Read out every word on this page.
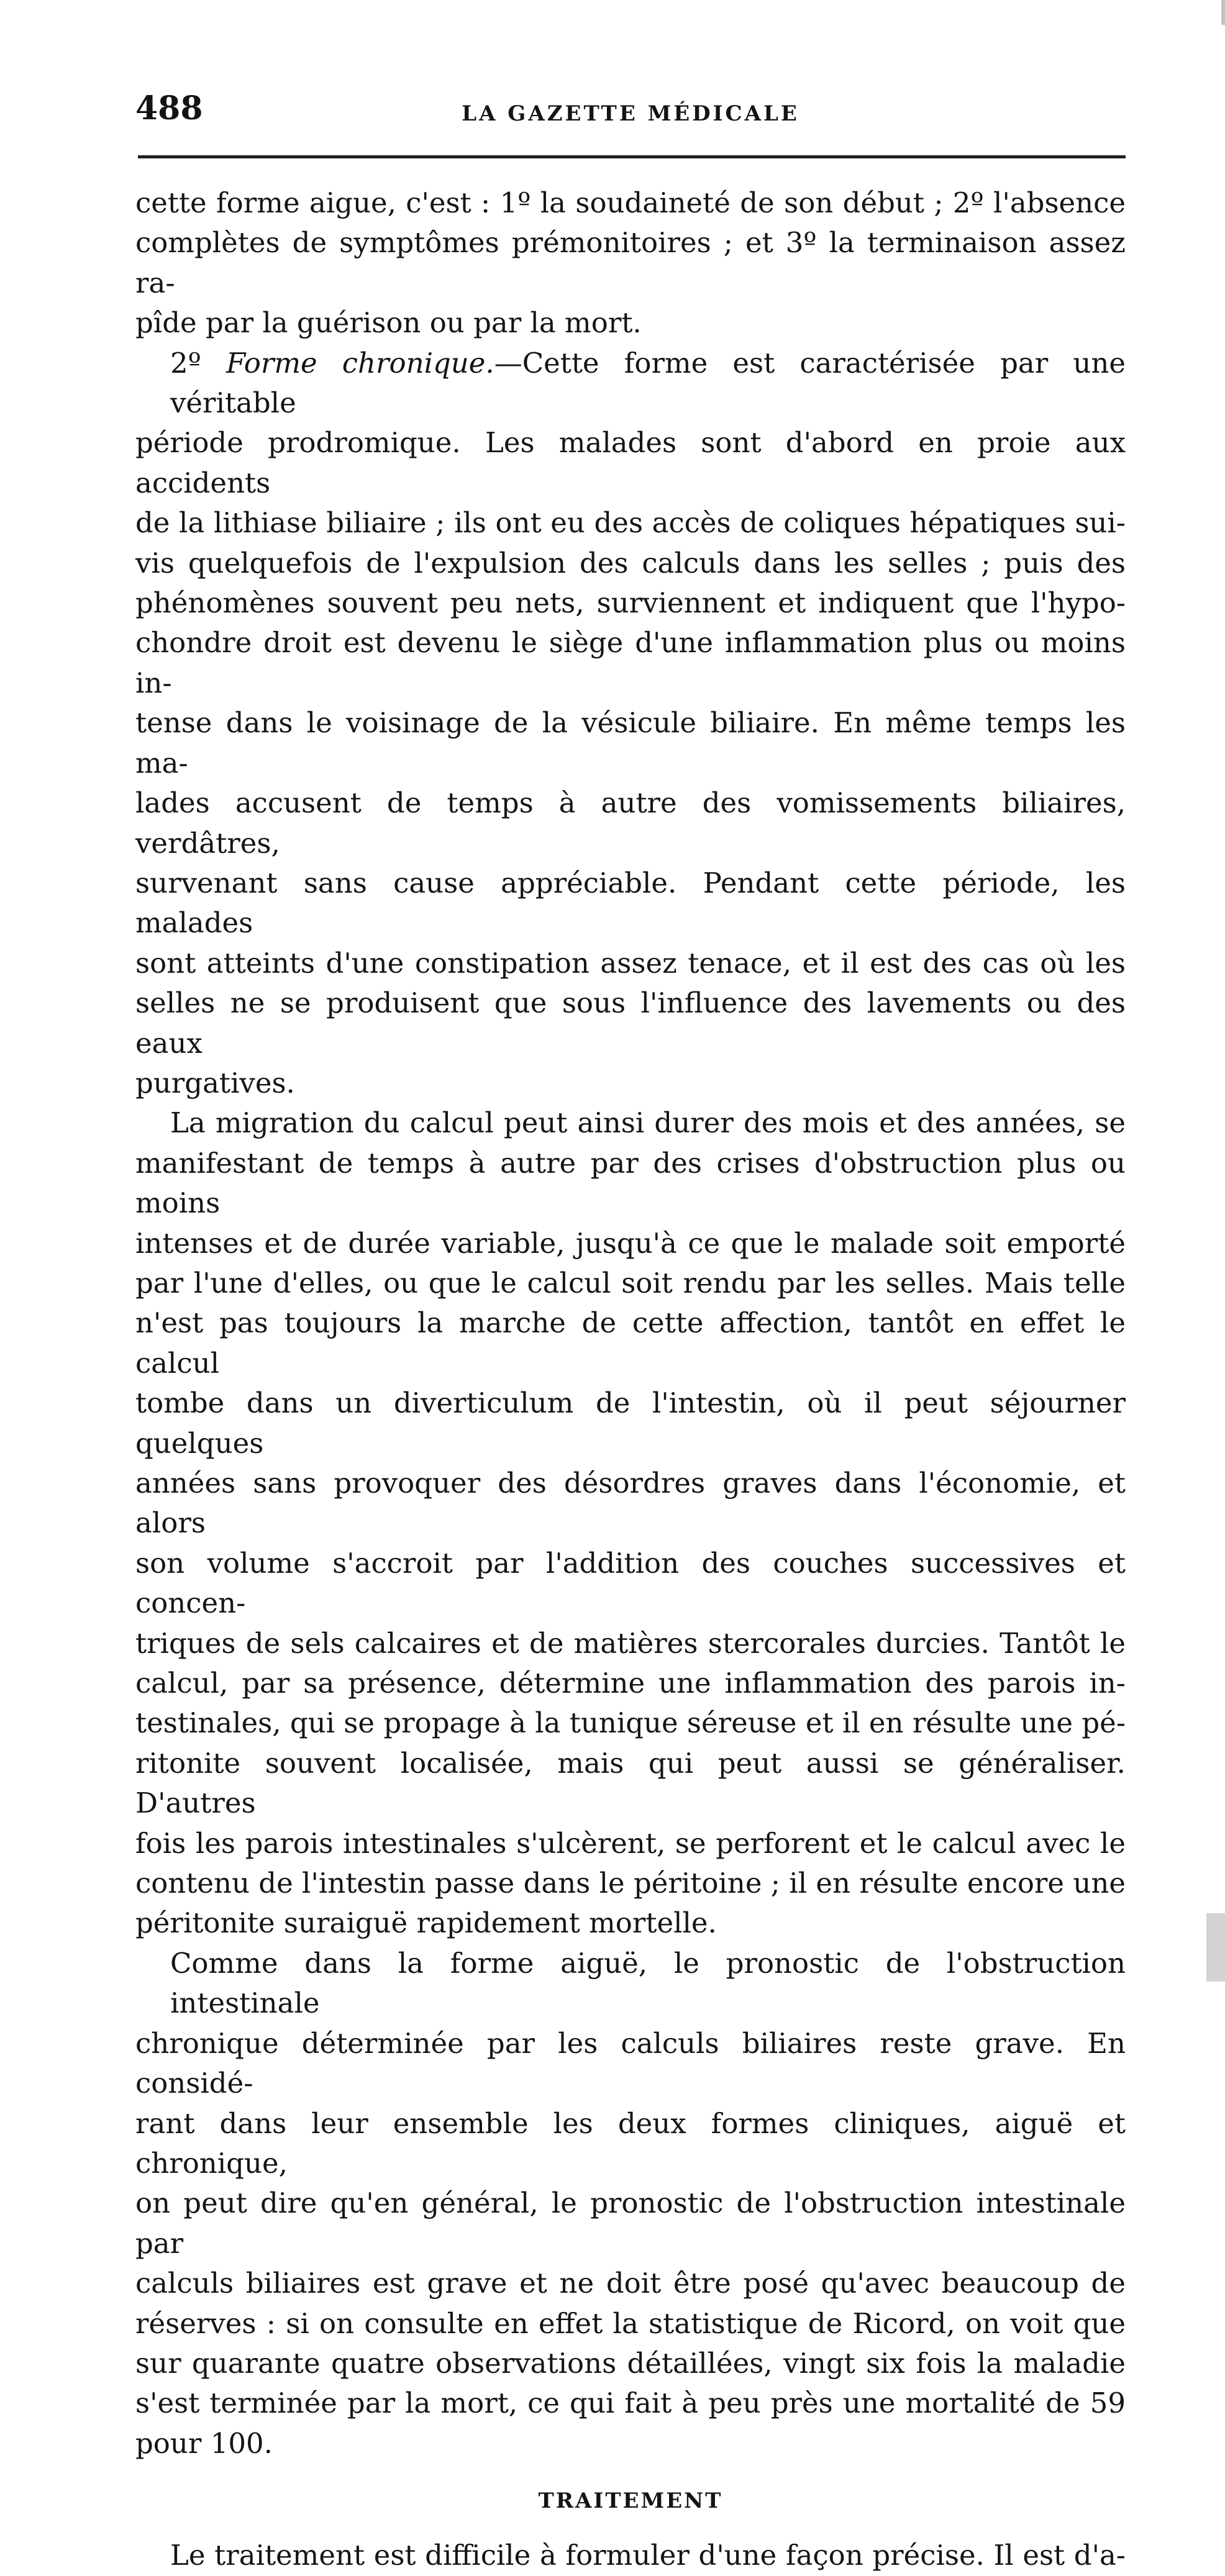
488	LA GAZETTE MÉDICALE
cette forme aigue, c'est : 1º la soudaineté de son début ; 2º l'absence
complètes de symptômes prémonitoires ; et 3º la terminaison assez ra-
pîde par la guérison ou par la mort.
2º Forme chronique.—Cette forme est caractérisée par une véritable
période prodromique. Les malades sont d'abord en proie aux accidents
de la lithiase biliaire ; ils ont eu des accès de coliques hépatiques sui-
vis quelquefois de l'expulsion des calculs dans les selles ; puis des
phénomènes souvent peu nets, surviennent et indiquent que l'hypo-
chondre droit est devenu le siège d'une inflammation plus ou moins in-
tense dans le voisinage de la vésicule biliaire. En même temps les ma-
lades accusent de temps à autre des vomissements biliaires, verdâtres,
survenant sans cause appréciable. Pendant cette période, les malades
sont atteints d'une constipation assez tenace, et il est des cas où les
selles ne se produisent que sous l'influence des lavements ou des eaux
purgatives.
La migration du calcul peut ainsi durer des mois et des années, se
manifestant de temps à autre par des crises d'obstruction plus ou moins
intenses et de durée variable, jusqu'à ce que le malade soit emporté
par l'une d'elles, ou que le calcul soit rendu par les selles. Mais telle
n'est pas toujours la marche de cette affection, tantôt en effet le calcul
tombe dans un diverticulum de l'intestin, où il peut séjourner quelques
années sans provoquer des désordres graves dans l'économie, et alors
son volume s'accroit par l'addition des couches successives et concen-
triques de sels calcaires et de matières stercorales durcies. Tantôt le
calcul, par sa présence, détermine une inflammation des parois in-
testinales, qui se propage à la tunique séreuse et il en résulte une pé-
ritonite souvent localisée, mais qui peut aussi se généraliser. D'autres
fois les parois intestinales s'ulcèrent, se perforent et le calcul avec le
contenu de l'intestin passe dans le péritoine ; il en résulte encore une
péritonite suraiguë rapidement mortelle.
Comme dans la forme aiguë, le pronostic de l'obstruction intestinale
chronique déterminée par les calculs biliaires reste grave. En considé-
rant dans leur ensemble les deux formes cliniques, aiguë et chronique,
on peut dire qu'en général, le pronostic de l'obstruction intestinale par
calculs biliaires est grave et ne doit être posé qu'avec beaucoup de
réserves : si on consulte en effet la statistique de Ricord, on voit que
sur quarante quatre observations détaillées, vingt six fois la maladie
s'est terminée par la mort, ce qui fait à peu près une mortalité de 59
pour 100.
TRAITEMENT
Le traitement est difficile à formuler d'une façon précise. Il est d'a-
